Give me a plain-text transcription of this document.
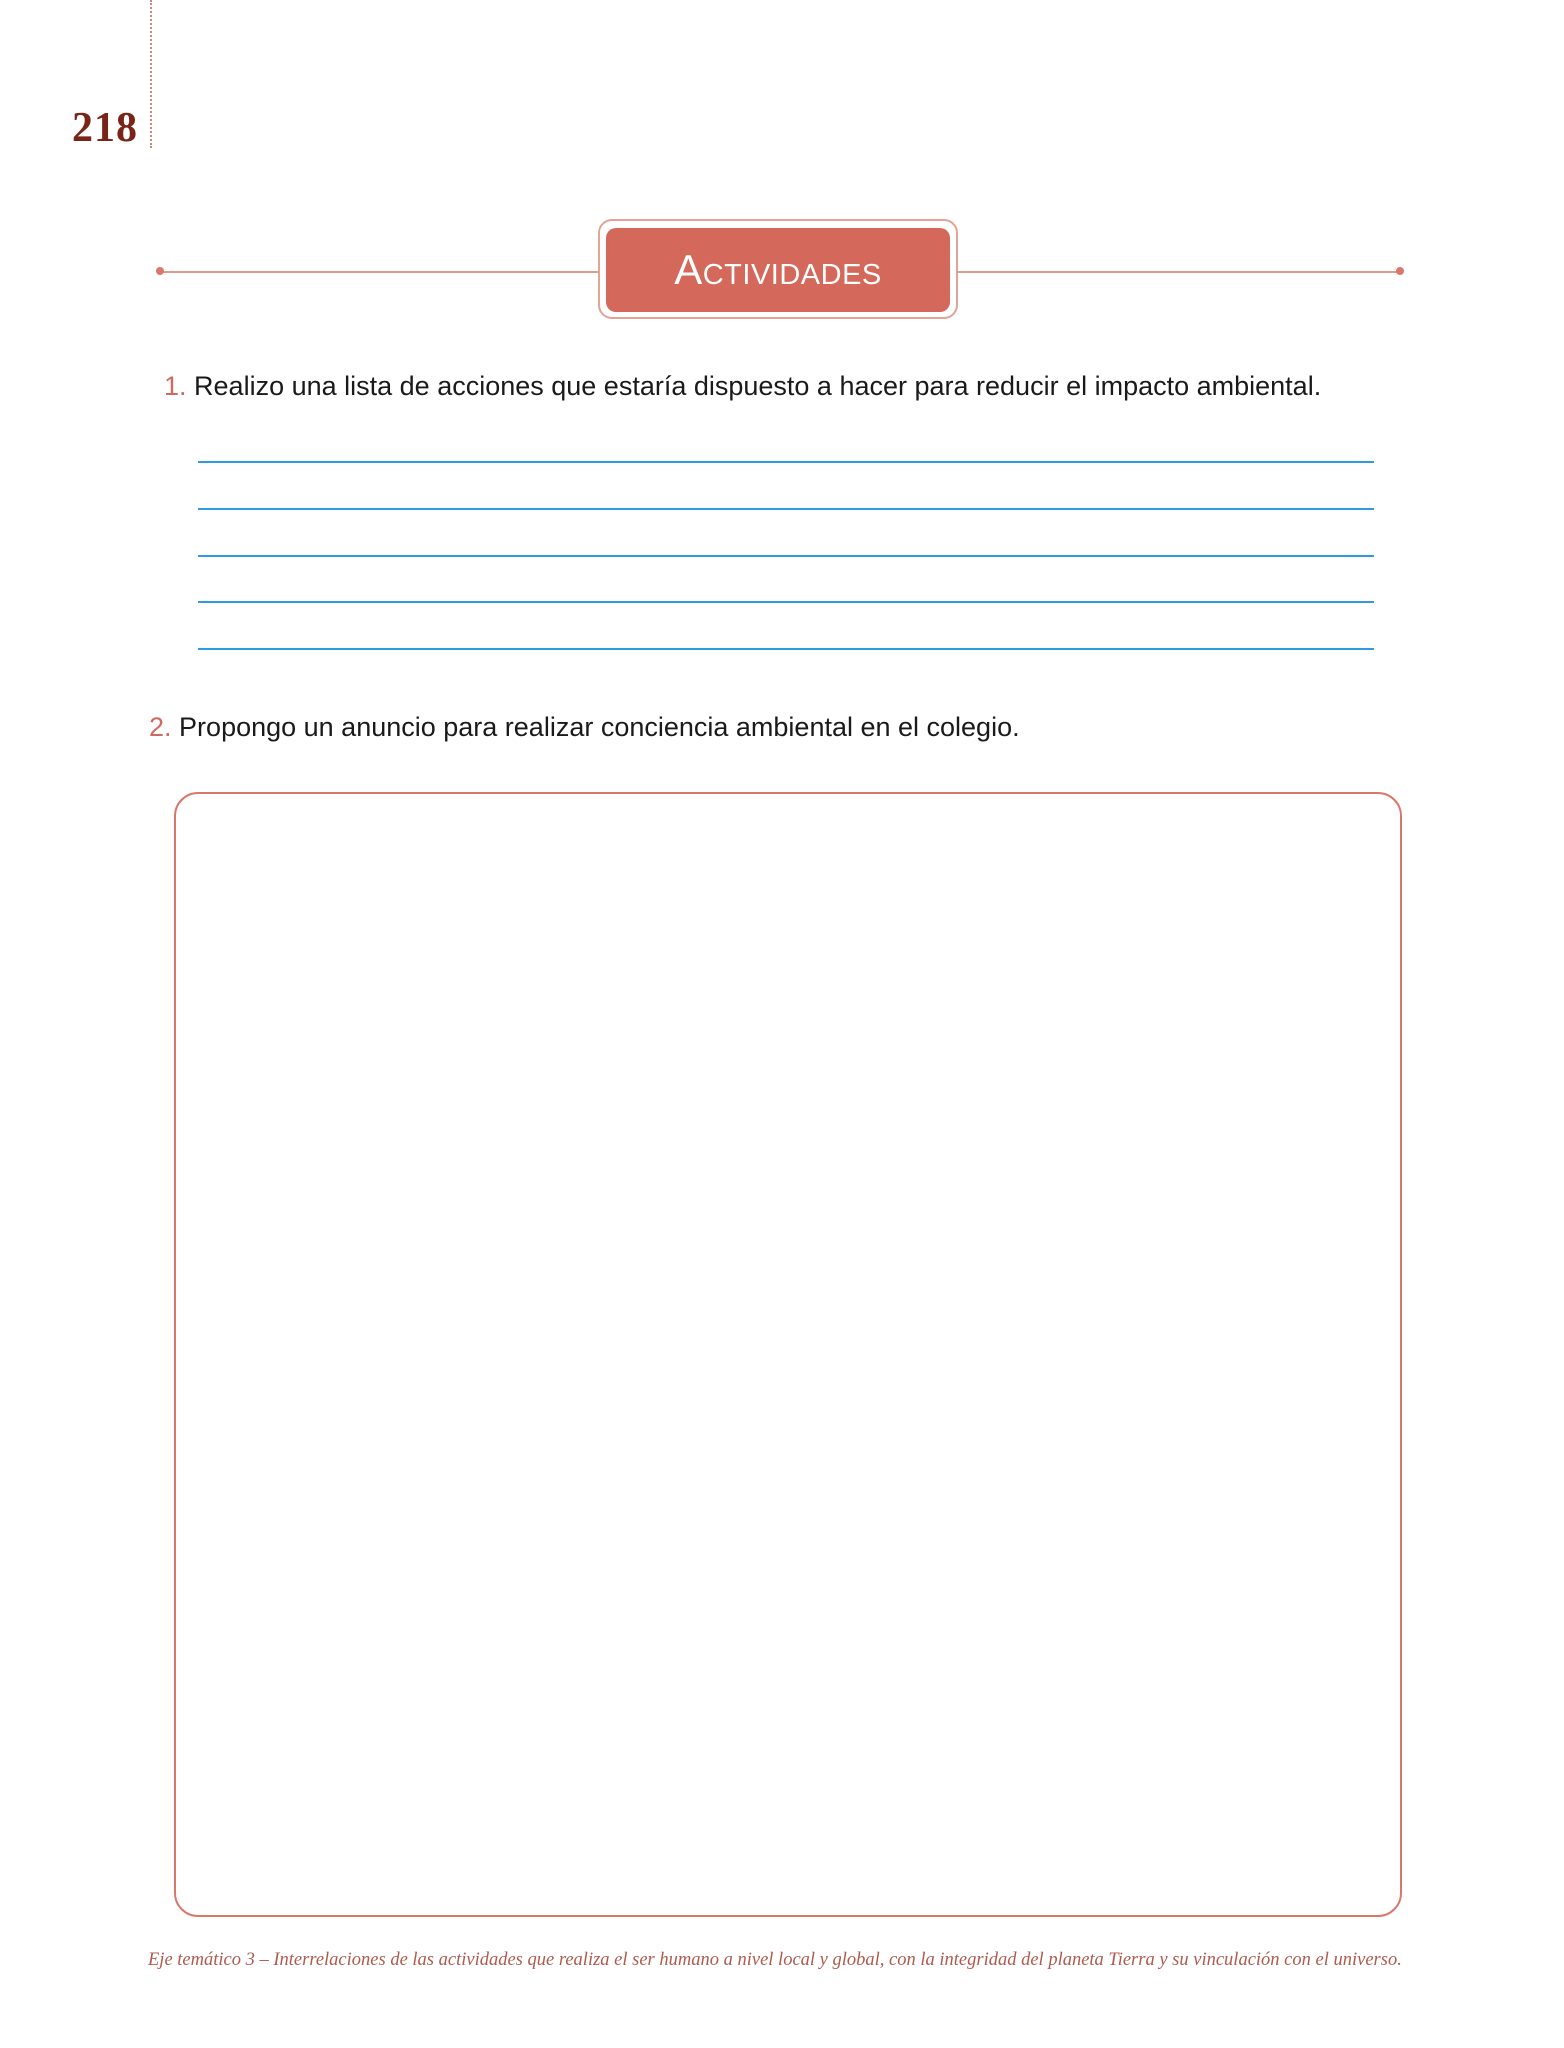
218
Actividades
1. Realizo una lista de acciones que estaría dispuesto a hacer para reducir el impacto ambiental.
2. Propongo un anuncio para realizar conciencia ambiental en el colegio.
Eje temático 3 – Interrelaciones de las actividades que realiza el ser humano a nivel local y global, con la integridad del planeta Tierra y su vinculación con el universo.
